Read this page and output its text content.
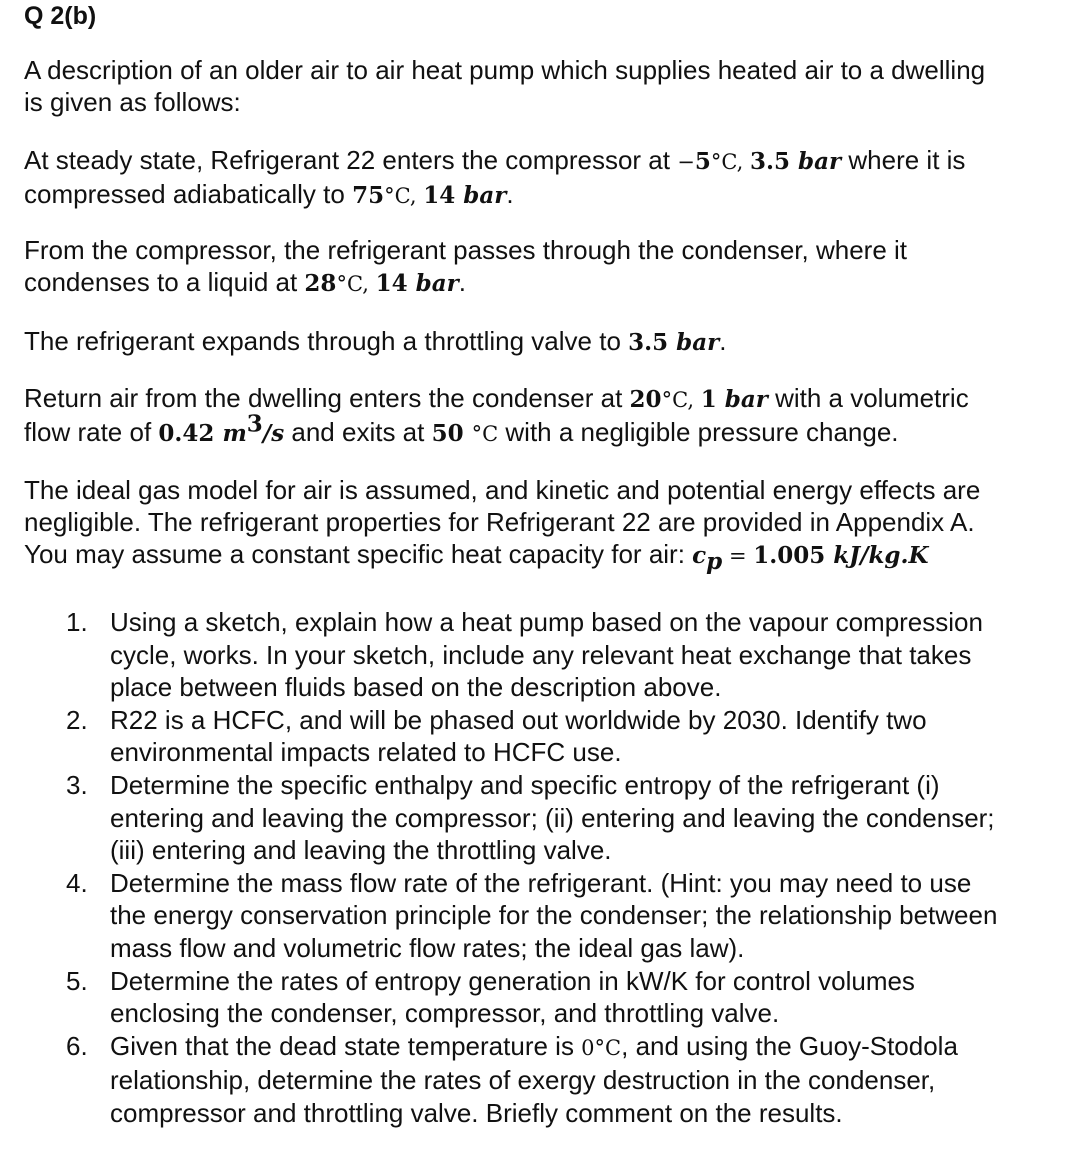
Q 2(b)
A description of an older air to air heat pump which supplies heated air to a dwelling
is given as follows:
At steady state, Refrigerant 22 enters the compressor at −5°C, 3.5 bar where it is
compressed adiabatically to 75°C, 14 bar.
From the compressor, the refrigerant passes through the condenser, where it
condenses to a liquid at 28°C, 14 bar.
The refrigerant expands through a throttling valve to 3.5 bar.
Return air from the dwelling enters the condenser at 20°C, 1 bar with a volumetric
flow rate of 0.42 $m^3/s$ and exits at 50 °C with a negligible pressure change.
The ideal gas model for air is assumed, and kinetic and potential energy effects are
negligible. The refrigerant properties for Refrigerant 22 are provided in Appendix A.
You may assume a constant specific heat capacity for air: $c_p = 1.005$ kJ/kg.K
1. Using a sketch, explain how a heat pump based on the vapour compression
cycle, works. In your sketch, include any relevant heat exchange that takes
place between fluids based on the description above.
2. R22 is a HCFC, and will be phased out worldwide by 2030. Identify two
environmental impacts related to HCFC use.
3. Determine the specific enthalpy and specific entropy of the refrigerant (i)
entering and leaving the compressor; (ii) entering and leaving the condenser;
(iii) entering and leaving the throttling valve.
4. Determine the mass flow rate of the refrigerant. (Hint: you may need to use
the energy conservation principle for the condenser; the relationship between
mass flow and volumetric flow rates; the ideal gas law).
5. Determine the rates of entropy generation in kW/K for control volumes
enclosing the condenser, compressor, and throttling valve.
6. Given that the dead state temperature is 0°C, and using the Guoy-Stodola
relationship, determine the rates of exergy destruction in the condenser,
compressor and throttling valve. Briefly comment on the results.
